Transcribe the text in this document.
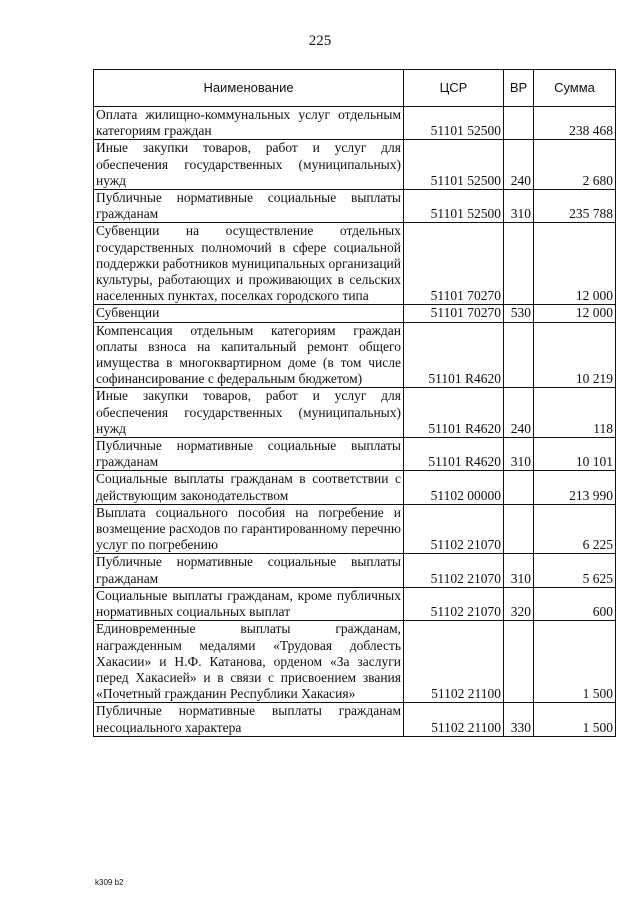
225
Наименование	ЦСР	ВР	Сумма
Оплата жилищно-коммунальных услуг отдельным категориям граждан	51101 52500		238 468
Иные закупки товаров, работ и услуг для обеспечения государственных (муниципальных) нужд	51101 52500	240	2 680
Публичные нормативные социальные выплаты гражданам	51101 52500	310	235 788
Субвенции на осуществление отдельных государственных полномочий в сфере социальной поддержки работников муниципальных организаций культуры, работающих и проживающих в сельских населенных пунктах, поселках городского типа	51101 70270		12 000
Субвенции	51101 70270	530	12 000
Компенсация отдельным категориям граждан оплаты взноса на капитальный ремонт общего имущества в многоквартирном доме (в том числе софинансирование с федеральным бюджетом)	51101 R4620		10 219
Иные закупки товаров, работ и услуг для обеспечения государственных (муниципальных) нужд	51101 R4620	240	118
Публичные нормативные социальные выплаты гражданам	51101 R4620	310	10 101
Социальные выплаты гражданам в соответствии с действующим законодательством	51102 00000		213 990
Выплата социального пособия на погребение и возмещение расходов по гарантированному перечню услуг по погребению	51102 21070		6 225
Публичные нормативные социальные выплаты гражданам	51102 21070	310	5 625
Социальные выплаты гражданам, кроме публичных нормативных социальных выплат	51102 21070	320	600
Единовременные выплаты гражданам, награжденным медалями «Трудовая доблесть Хакасии» и Н.Ф. Катанова, орденом «За заслуги перед Хакасией» и в связи с присвоением звания «Почетный гражданин Республики Хакасия»	51102 21100		1 500
Публичные нормативные выплаты гражданам несоциального характера	51102 21100	330	1 500
k309 b2
